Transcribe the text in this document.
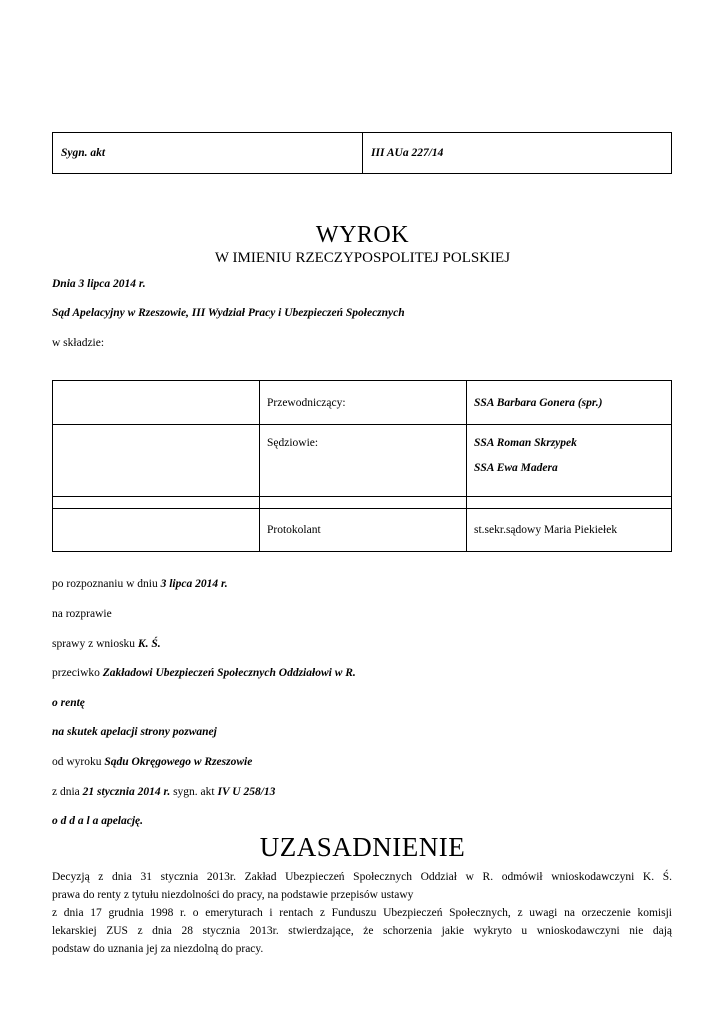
Sygn. akt	III AUa 227/14
WYROK
W IMIENIU RZECZYPOSPOLITEJ POLSKIEJ
Dnia 3 lipca 2014 r.
Sąd Apelacyjny w Rzeszowie, III Wydział Pracy i Ubezpieczeń Społecznych
w składzie:
	Przewodniczący:	SSA Barbara Gonera (spr.)
	Sędziowie:	SSA Roman Skrzypek
SSA Ewa Madera

	Protokolant	st.sekr.sądowy Maria Piekiełek
po rozpoznaniu w dniu 3 lipca 2014 r.
na rozprawie
sprawy z wniosku K. Ś.
przeciwko Zakładowi Ubezpieczeń Społecznych Oddziałowi w R.
o rentę
na skutek apelacji strony pozwanej
od wyroku Sądu Okręgowego w Rzeszowie
z dnia 21 stycznia 2014 r. sygn. akt IV U 258/13
o d d a l a apelację.
UZASADNIENIE
Decyzją z dnia 31 stycznia 2013r. Zakład Ubezpieczeń Społecznych Oddział w R. odmówił wnioskodawczyni K. Ś.
prawa do renty z tytułu niezdolności do pracy, na podstawie przepisów ustawy
z dnia 17 grudnia 1998 r. o emeryturach i rentach z Funduszu Ubezpieczeń Społecznych, z uwagi na orzeczenie komisji
lekarskiej ZUS z dnia 28 stycznia 2013r. stwierdzające, że schorzenia jakie wykryto u wnioskodawczyni nie dają
podstaw do uznania jej za niezdolną do pracy.
